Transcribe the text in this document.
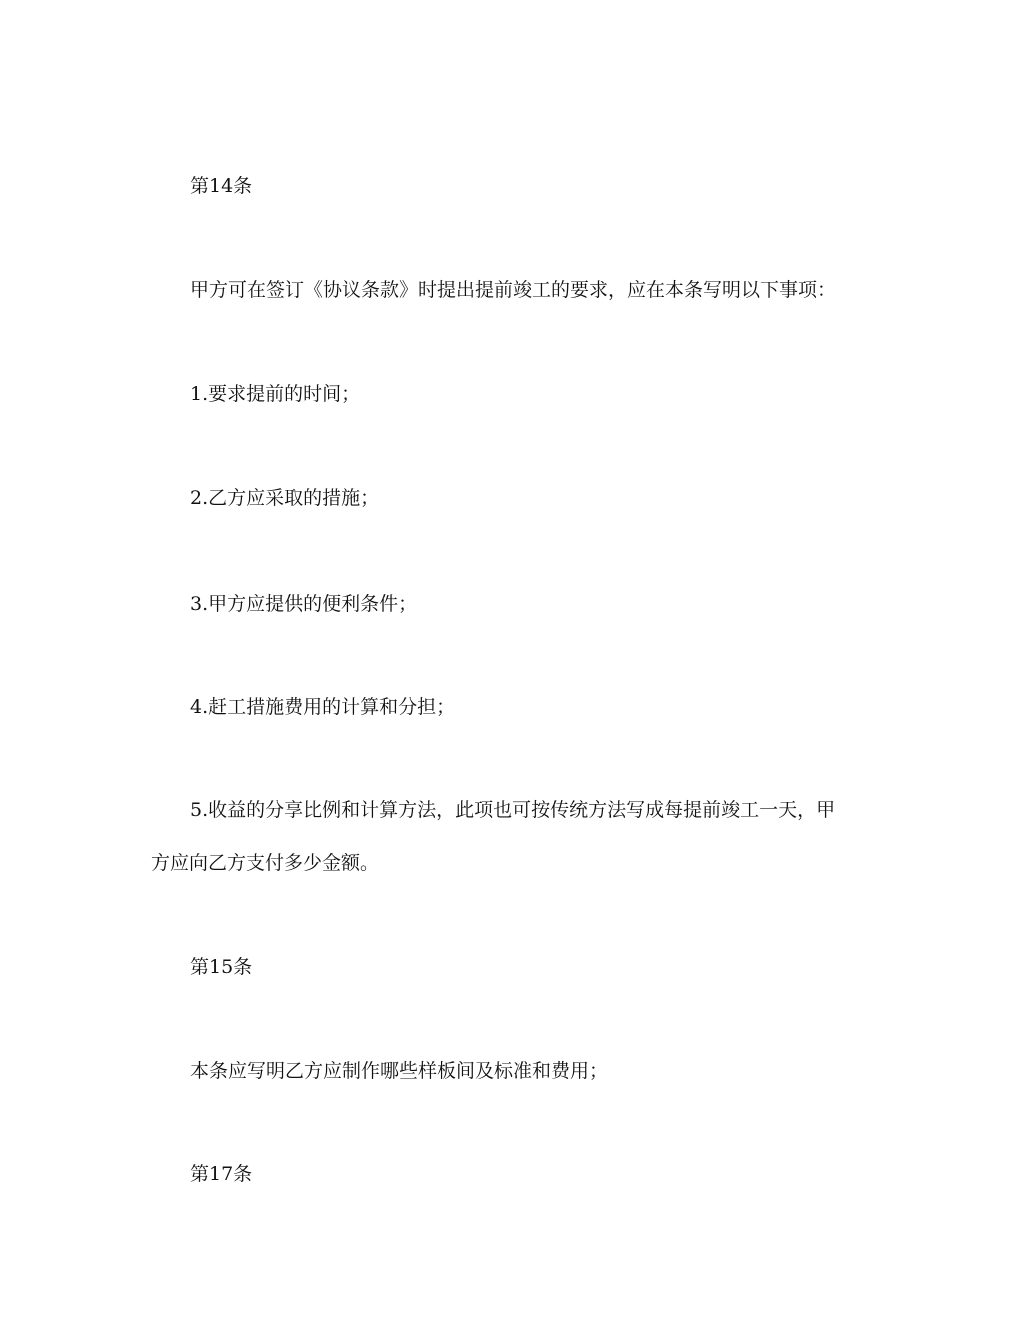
第14条
甲方可在签订《协议条款》时提出提前竣工的要求，应在本条写明以下事项：
1.要求提前的时间；
2.乙方应采取的措施；
3.甲方应提供的便利条件；
4.赶工措施费用的计算和分担；
5.收益的分享比例和计算方法，此项也可按传统方法写成每提前竣工一天，甲
方应向乙方支付多少金额。
第15条
本条应写明乙方应制作哪些样板间及标准和费用；
第17条
